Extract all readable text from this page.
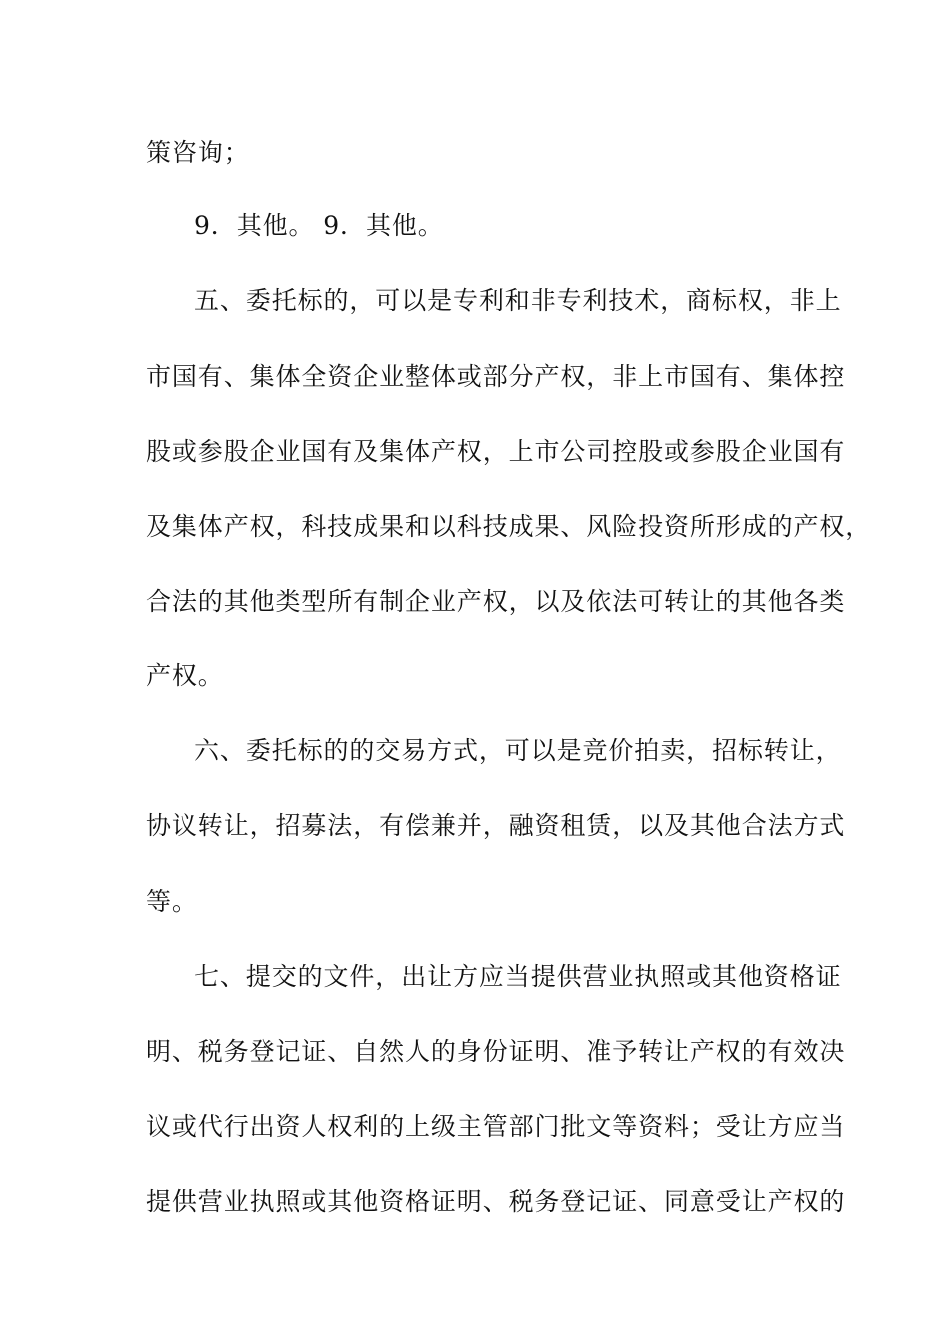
策咨询；
9．其他。 9．其他。
五、委托标的，可以是专利和非专利技术，商标权，非上
市国有、集体全资企业整体或部分产权，非上市国有、集体控
股或参股企业国有及集体产权，上市公司控股或参股企业国有
及集体产权，科技成果和以科技成果、风险投资所形成的产权，
合法的其他类型所有制企业产权，以及依法可转让的其他各类
产权。
六、委托标的的交易方式，可以是竞价拍卖，招标转让，
协议转让，招募法，有偿兼并，融资租赁，以及其他合法方式
等。
七、提交的文件，出让方应当提供营业执照或其他资格证
明、税务登记证、自然人的身份证明、准予转让产权的有效决
议或代行出资人权利的上级主管部门批文等资料；受让方应当
提供营业执照或其他资格证明、税务登记证、同意受让产权的
